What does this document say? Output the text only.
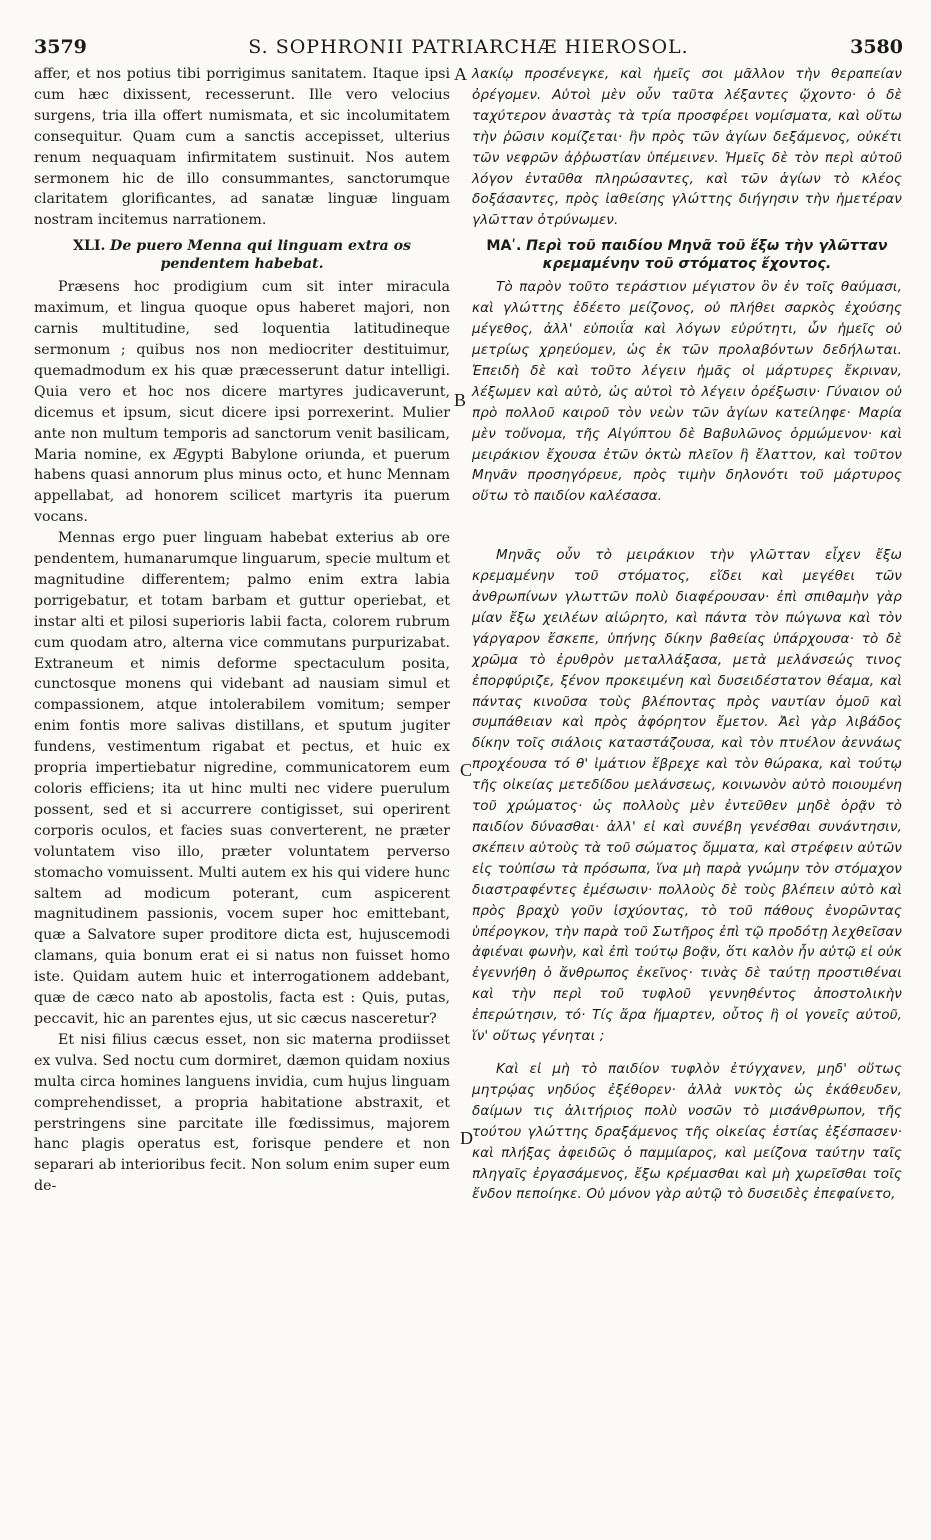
3579	S. SOPHRONII PATRIARCHÆ HIEROSOL.	3580
A
B
C
D

affer, et nos potius tibi porrigimus sanitatem. Itaque ipsi cum hæc dixissent, recesserunt. Ille vero velocius surgens, tria illa offert numismata, et sic incolumitatem consequitur. Quam cum a sanctis accepisset, ulterius renum nequaquam infirmitatem sustinuit. Nos autem sermonem hic de illo consummantes, sanctorumque claritatem glorificantes, ad sanatæ linguæ linguam nostram incitemus narrationem.

XLI. De puero Menna qui linguam extra os pendentem habebat.

Præsens hoc prodigium cum sit inter miracula maximum, et lingua quoque opus haberet majori, non carnis multitudine, sed loquentia latitudineque sermonum ; quibus nos non mediocriter destituimur, quemadmodum ex his quæ præcesserunt datur intelligi. Quia vero et hoc nos dicere martyres judicaverunt, dicemus et ipsum, sicut dicere ipsi porrexerint. Mulier ante non multum temporis ad sanctorum venit basilicam, Maria nomine, ex Ægypti Babylone oriunda, et puerum habens quasi annorum plus minus octo, et hunc Mennam appellabat, ad honorem scilicet martyris ita puerum vocans.

Mennas ergo puer linguam habebat exterius ab ore pendentem, humanarumque linguarum, specie multum et magnitudine differentem; palmo enim extra labia porrigebatur, et totam barbam et guttur operiebat, et instar alti et pilosi superioris labii facta, colorem rubrum cum quodam atro, alterna vice commutans purpurizabat. Extraneum et nimis deforme spectaculum posita, cunctosque monens qui videbant ad nausiam simul et compassionem, atque intolerabilem vomitum; semper enim fontis more salivas distillans, et sputum jugiter fundens, vestimentum rigabat et pectus, et huic ex propria impertiebatur nigredine, communicatorem eum coloris efficiens; ita ut hinc multi nec videre puerulum possent, sed et si accurrere contigisset, sui operirent corporis oculos, et facies suas converterent, ne præter voluntatem viso illo, præter voluntatem perverso stomacho vomuissent. Multi autem ex his qui videre hunc saltem ad modicum poterant, cum aspicerent magnitudinem passionis, vocem super hoc emittebant, quæ a Salvatore super proditore dicta est, hujuscemodi clamans, quia bonum erat ei si natus non fuisset homo iste. Quidam autem huic et interrogationem addebant, quæ de cæco nato ab apostolis, facta est : Quis, putas, peccavit, hic an parentes ejus, ut sic cæcus nasceretur?

Et nisi filius cæcus esset, non sic materna prodiisset ex vulva. Sed noctu cum dormiret, dæmon quidam noxius multa circa homines languens invidia, cum hujus linguam comprehendisset, a propria habitatione abstraxit, et perstringens sine parcitate ille fœdissimus, majorem hanc plagis operatus est, forisque pendere et non separari ab interioribus fecit. Non solum enim super eum de-

λακίῳ προσένεγκε, καὶ ἡμεῖς σοι μᾶλλον τὴν θεραπείαν ὀρέγομεν. Αὐτοὶ μὲν οὖν ταῦτα λέξαντες ᾤχοντο· ὁ δὲ ταχύτερον ἀναστὰς τὰ τρία προσφέρει νομίσματα, καὶ οὕτω τὴν ῥῶσιν κομίζεται· ἣν πρὸς τῶν ἁγίων δεξάμενος, οὐκέτι τῶν νεφρῶν ἀῤῥωστίαν ὑπέμεινεν. Ἡμεῖς δὲ τὸν περὶ αὐτοῦ λόγον ἐνταῦθα πληρώσαντες, καὶ τῶν ἁγίων τὸ κλέος δοξάσαντες, πρὸς ἰαθείσης γλώττης διήγησιν τὴν ἡμετέραν γλῶτταν ὀτρύνωμεν.

ΜΑʹ. Περὶ τοῦ παιδίου Μηνᾶ τοῦ ἔξω τὴν γλῶτταν κρεμαμένην τοῦ στόματος ἔχοντος.

Τὸ παρὸν τοῦτο τεράστιον μέγιστον ὂν ἐν τοῖς θαύμασι, καὶ γλώττης ἐδέετο μείζονος, οὐ πλήθει σαρκὸς ἐχούσης μέγεθος, ἀλλ' εὐποιΐα καὶ λόγων εὐρύτητι, ὧν ἡμεῖς οὐ μετρίως χρηεύομεν, ὡς ἐκ τῶν προλαβόντων δεδήλωται. Ἐπειδὴ δὲ καὶ τοῦτο λέγειν ἡμᾶς οἱ μάρτυρες ἔκριναν, λέξωμεν καὶ αὐτὸ, ὡς αὐτοὶ τὸ λέγειν ὀρέξωσιν· Γύναιον οὐ πρὸ πολλοῦ καιροῦ τὸν νεὼν τῶν ἁγίων κατείληφε· Μαρία μὲν τοὔνομα, τῆς Αἰγύπτου δὲ Βαβυλῶνος ὁρμώμενον· καὶ μειράκιον ἔχουσα ἐτῶν ὀκτὼ πλεῖον ἢ ἔλαττον, καὶ τοῦτον Μηνᾶν προσηγόρευε, πρὸς τιμὴν δηλονότι τοῦ μάρτυρος οὕτω τὸ παιδίον καλέσασα.

Μηνᾶς οὖν τὸ μειράκιον τὴν γλῶτταν εἶχεν ἔξω κρεμαμένην τοῦ στόματος, εἴδει καὶ μεγέθει τῶν ἀνθρωπίνων γλωττῶν πολὺ διαφέρουσαν· ἐπὶ σπιθαμὴν γὰρ μίαν ἔξω χειλέων αἰώρητο, καὶ πάντα τὸν πώγωνα καὶ τὸν γάργαρον ἔσκεπε, ὑπήνης δίκην βαθείας ὑπάρχουσα· τὸ δὲ χρῶμα τὸ ἐρυθρὸν μεταλλάξασα, μετὰ μελάνσεώς τινος ἐπορφύριζε, ξένον προκειμένη καὶ δυσειδέστατον θέαμα, καὶ πάντας κινοῦσα τοὺς βλέποντας πρὸς ναυτίαν ὁμοῦ καὶ συμπάθειαν καὶ πρὸς ἀφόρητον ἔμετον. Ἀεὶ γὰρ λιβάδος δίκην τοῖς σιάλοις καταστάζουσα, καὶ τὸν πτυέλον ἀεννάως προχέουσα τό θ' ἱμάτιον ἔβρεχε καὶ τὸν θώρακα, καὶ τούτῳ τῆς οἰκείας μετεδίδου μελάνσεως, κοινωνὸν αὐτὸ ποιουμένη τοῦ χρώματος· ὡς πολλοὺς μὲν ἐντεῦθεν μηδὲ ὁρᾷν τὸ παιδίον δύνασθαι· ἀλλ' εἰ καὶ συνέβη γενέσθαι συνάντησιν, σκέπειν αὐτοὺς τὰ τοῦ σώματος ὄμματα, καὶ στρέφειν αὐτῶν εἰς τοὐπίσω τὰ πρόσωπα, ἵνα μὴ παρὰ γνώμην τὸν στόμαχον διαστραφέντες ἐμέσωσιν· πολλοὺς δὲ τοὺς βλέπειν αὐτὸ καὶ πρὸς βραχὺ γοῦν ἰσχύοντας, τὸ τοῦ πάθους ἐνορῶντας ὑπέρογκον, τὴν παρὰ τοῦ Σωτῆρος ἐπὶ τῷ προδότῃ λεχθεῖσαν ἀφιέναι φωνὴν, καὶ ἐπὶ τούτῳ βοᾷν, ὅτι καλὸν ἦν αὐτῷ εἰ οὐκ ἐγεννήθη ὁ ἄνθρωπος ἐκεῖνος· τινὰς δὲ ταύτῃ προστιθέναι καὶ τὴν περὶ τοῦ τυφλοῦ γεννηθέντος ἀποστολικὴν ἐπερώτησιν, τό· Τίς ἄρα ἥμαρτεν, οὗτος ἢ οἱ γονεῖς αὐτοῦ, ἵν' οὕτως γένηται ;

Καὶ εἰ μὴ τὸ παιδίον τυφλὸν ἐτύγχανεν, μηδ' οὕτως μητρῴας νηδύος ἐξέθορεν· ἀλλὰ νυκτὸς ὡς ἐκάθευδεν, δαίμων τις ἀλιτήριος πολὺ νοσῶν τὸ μισάνθρωπον, τῆς τούτου γλώττης δραξάμενος τῆς οἰκείας ἑστίας ἐξέσπασεν· καὶ πλήξας ἀφειδῶς ὁ παμμίαρος, καὶ μείζονα ταύτην ταῖς πληγαῖς ἐργασάμενος, ἔξω κρέμασθαι καὶ μὴ χωρεῖσθαι τοῖς ἔνδον πεποίηκε. Οὐ μόνον γὰρ αὐτῷ τὸ δυσειδὲς ἐπεφαίνετο,
